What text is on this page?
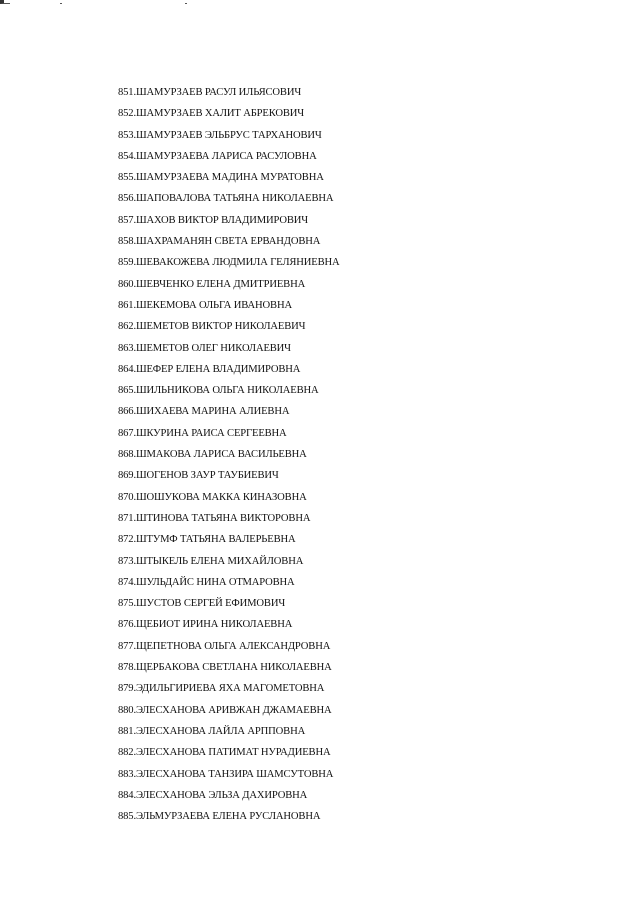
851.ШАМУРЗАЕВ РАСУЛ ИЛЬЯСОВИЧ
852.ШАМУРЗАЕВ ХАЛИТ АБРЕКОВИЧ
853.ШАМУРЗАЕВ ЭЛЬБРУС ТАРХАНОВИЧ
854.ШАМУРЗАЕВА ЛАРИСА РАСУЛОВНА
855.ШАМУРЗАЕВА МАДИНА МУРАТОВНА
856.ШАПОВАЛОВА ТАТЬЯНА НИКОЛАЕВНА
857.ШАХОВ ВИКТОР ВЛАДИМИРОВИЧ
858.ШАХРАМАНЯН СВЕТА ЕРВАНДОВНА
859.ШЕВАКОЖЕВА ЛЮДМИЛА ГЕЛЯНИЕВНА
860.ШЕВЧЕНКО ЕЛЕНА ДМИТРИЕВНА
861.ШЕКЕМОВА ОЛЬГА ИВАНОВНА
862.ШЕМЕТОВ ВИКТОР НИКОЛАЕВИЧ
863.ШЕМЕТОВ ОЛЕГ НИКОЛАЕВИЧ
864.ШЕФЕР ЕЛЕНА ВЛАДИМИРОВНА
865.ШИЛЬНИКОВА ОЛЬГА НИКОЛАЕВНА
866.ШИХАЕВА МАРИНА АЛИЕВНА
867.ШКУРИНА РАИСА СЕРГЕЕВНА
868.ШМАКОВА ЛАРИСА ВАСИЛЬЕВНА
869.ШОГЕНОВ ЗАУР ТАУБИЕВИЧ
870.ШОШУКОВА МАККА КИНАЗОВНА
871.ШТИНОВА ТАТЬЯНА ВИКТОРОВНА
872.ШТУМФ ТАТЬЯНА ВАЛЕРЬЕВНА
873.ШТЫКЕЛЬ ЕЛЕНА МИХАЙЛОВНА
874.ШУЛЬДАЙС НИНА ОТМАРОВНА
875.ШУСТОВ СЕРГЕЙ ЕФИМОВИЧ
876.ЩЕБИОТ ИРИНА НИКОЛАЕВНА
877.ЩЕПЕТНОВА ОЛЬГА АЛЕКСАНДРОВНА
878.ЩЕРБАКОВА СВЕТЛАНА НИКОЛАЕВНА
879.ЭДИЛЬГИРИЕВА ЯХА МАГОМЕТОВНА
880.ЭЛЕСХАНОВА АРИВЖАН ДЖАМАЕВНА
881.ЭЛЕСХАНОВА ЛАЙЛА АРППОВНА
882.ЭЛЕСХАНОВА ПАТИМАТ НУРАДИЕВНА
883.ЭЛЕСХАНОВА ТАНЗИРА ШАМСУТОВНА
884.ЭЛЕСХАНОВА ЭЛЬЗА ДАХИРОВНА
885.ЭЛЬМУРЗАЕВА ЕЛЕНА РУСЛАНОВНА
